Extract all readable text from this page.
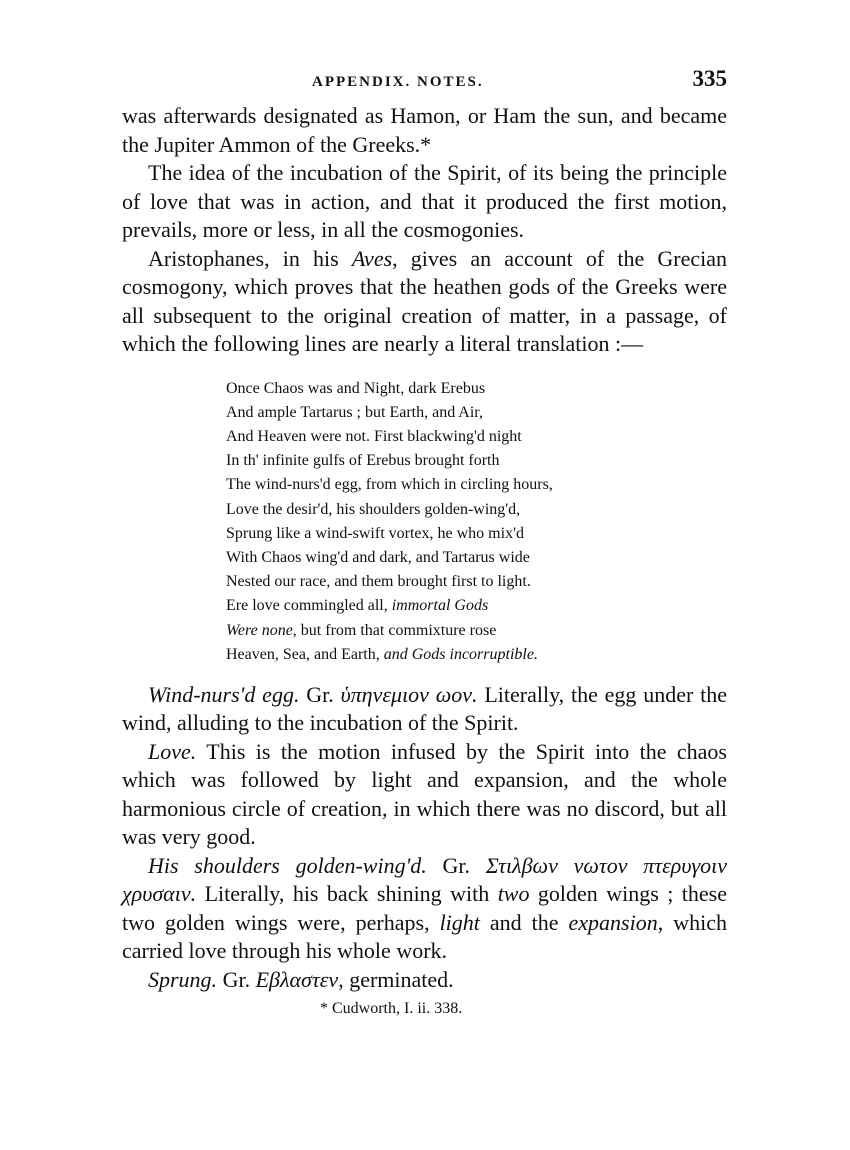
APPENDIX. NOTES.	335

was afterwards designated as Hamon, or Ham the sun, and became the Jupiter Ammon of the Greeks.*

The idea of the incubation of the Spirit, of its being the principle of love that was in action, and that it produced the first motion, prevails, more or less, in all the cosmogonies.

Aristophanes, in his Aves, gives an account of the Grecian cosmogony, which proves that the heathen gods of the Greeks were all subsequent to the original creation of matter, in a passage, of which the following lines are nearly a literal translation :—

Once Chaos was and Night, dark Erebus
And ample Tartarus ; but Earth, and Air,
And Heaven were not. First blackwing'd night
In th' infinite gulfs of Erebus brought forth
The wind-nurs'd egg, from which in circling hours,
Love the desir'd, his shoulders golden-wing'd,
Sprung like a wind-swift vortex, he who mix'd
With Chaos wing'd and dark, and Tartarus wide
Nested our race, and them brought first to light.
Ere love commingled all, immortal Gods
Were none, but from that commixture rose
Heaven, Sea, and Earth, and Gods incorruptible.

Wind-nurs'd egg. Gr. ὑπηνεμιον ωον. Literally, the egg under the wind, alluding to the incubation of the Spirit.

Love. This is the motion infused by the Spirit into the chaos which was followed by light and expansion, and the whole harmonious circle of creation, in which there was no discord, but all was very good.

His shoulders golden-wing'd. Gr. Στιλβων νωτον πτερυγοιν χρυσαιν. Literally, his back shining with two golden wings ; these two golden wings were, perhaps, light and the expansion, which carried love through his whole work.

Sprung. Gr. Εβλαστεν, germinated.

* Cudworth, I. ii. 338.
